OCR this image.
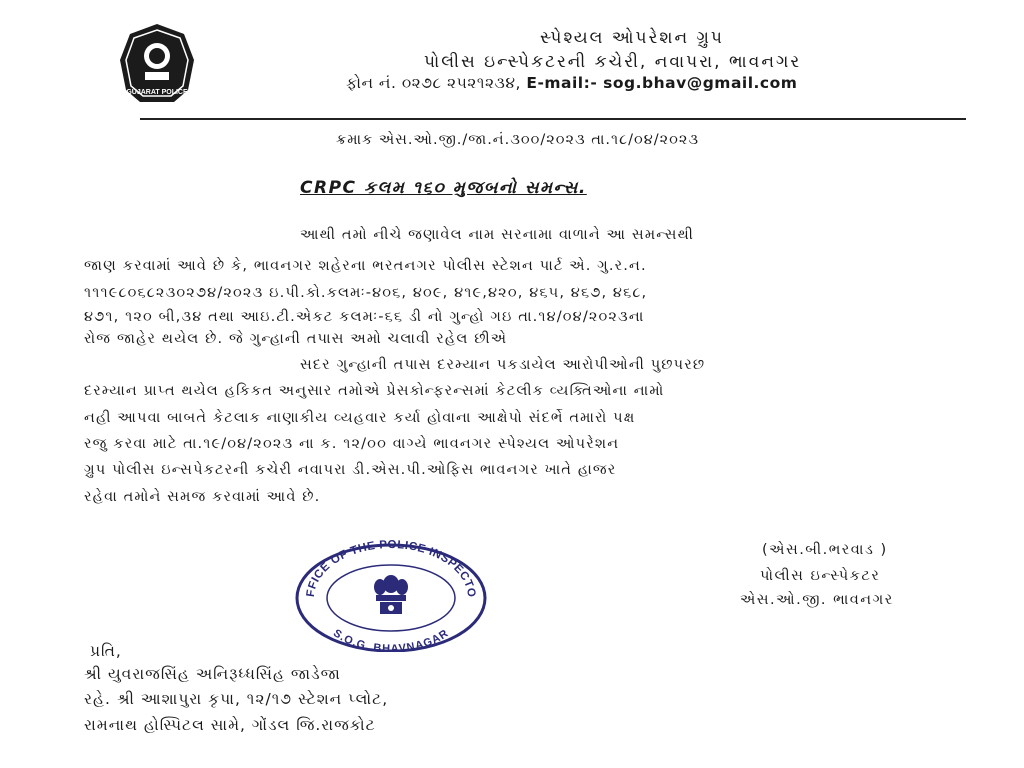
GUJARAT POLICE
સ્પેશ્યલ ઓપરેશન ગ્રુપ
પોલીસ ઇન્સ્પેકટરની કચેરી, નવાપરા, ભાવનગર
ફોન નં. ૦૨૭૮ ૨૫૨૧૨૩૪, E-mail:- sog.bhav@gmail.com
ક્રમાક એસ.ઓ.જી./જા.નં.૩૦૦/૨૦૨૩ તા.૧૮/૦૪/૨૦૨૩
CRPC કલમ ૧૬૦ મુજબનો સમન્સ.
આથી તમો નીચે જણાવેલ નામ સરનામા વાળાને આ સમન્સથી
જાણ કરવામાં આવે છે કે, ભાવનગર શહેરના ભરતનગર પોલીસ સ્ટેશન પાર્ટ એ. ગુ.ર.ન.
૧૧૧૯૮૦૬૮૨૩૦૨૭૪/૨૦૨૩ ઇ.પી.કો.કલમઃ-૪૦૬, ૪૦૯, ૪૧૯,૪૨૦, ૪૬૫, ૪૬૭, ૪૬૮,
૪૭૧, ૧૨૦ બી,૩૪ તથા આઇ.ટી.એકટ કલમઃ-૬૬ ડી નો ગુન્હો ગઇ તા.૧૪/૦૪/૨૦૨૩ના
રોજ જાહેર થયેલ છે. જે ગુન્હાની તપાસ અમો ચલાવી રહેલ છીએ
સદર ગુન્હાની તપાસ દરમ્યાન પકડાયેલ આરોપીઓની પુછપરછ
દરમ્યાન પ્રાપ્ત થયેલ હકિકત અનુસાર તમોએ પ્રેસકોન્ફરન્સમાં કેટલીક વ્યક્તિઓના નામો
નહી આપવા બાબતે કેટલાક નાણાકીય વ્યહવાર કર્યા હોવાના આક્ષેપો સંદર્ભે તમારો પક્ષ
રજુ કરવા માટે તા.૧૯/૦૪/૨૦૨૩ ના ક. ૧૨/૦૦ વાગ્યે ભાવનગર સ્પેશ્યલ ઓપરેશન
ગ્રુપ પોલીસ ઇન્સપેકટરની કચેરી નવાપરા ડી.એસ.પી.ઓફિસ ભાવનગર ખાતે હાજર
રહેવા તમોને સમજ કરવામાં આવે છે.
FFICE OF THE POLICE INSPECTO
S.O.G. BHAVNAGAR
(એસ.બી.ભરવાડ )
પોલીસ ઇન્સ્પેકટર
એસ.ઓ.જી. ભાવનગર
પ્રતિ,
શ્રી યુવરાજસિંહ અનિરૂધ્ધસિંહ જાડેજા
રહે. શ્રી આશાપુરા કૃપા, ૧૨/૧૭ સ્ટેશન પ્લોટ,
રામનાથ હોસ્પિટલ સામે, ગોંડલ જિ.રાજકોટ
